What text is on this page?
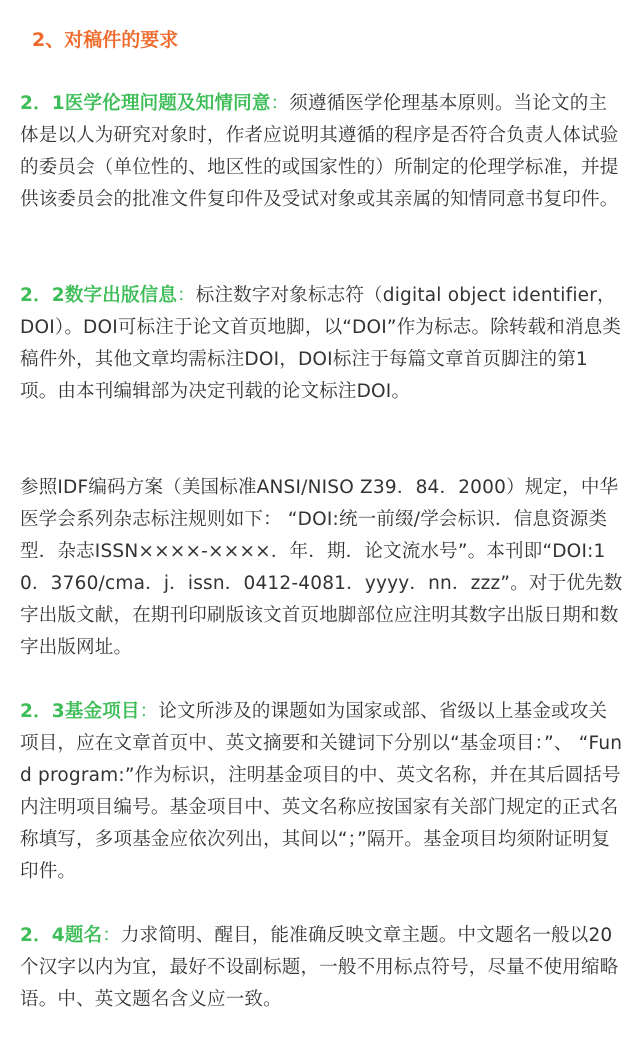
2、对稿件的要求

2．1医学伦理问题及知情同意：须遵循医学伦理基本原则。当论文的主体是以人为研究对象时，作者应说明其遵循的程序是否符合负责人体试验的委员会（单位性的、地区性的或国家性的）所制定的伦理学标准，并提供该委员会的批准文件复印件及受试对象或其亲属的知情同意书复印件。

2．2数字出版信息：标注数字对象标志符（digital object identifier，DOI）。DOI可标注于论文首页地脚，以“DOI”作为标志。除转载和消息类稿件外，其他文章均需标注DOI，DOI标注于每篇文章首页脚注的第1项。由本刊编辑部为决定刊载的论文标注DOI。

参照IDF编码方案（美国标准ANSI/NISO Z39．84．2000）规定，中华医学会系列杂志标注规则如下： “DOI:统一前缀/学会标识．信息资源类型．杂志ISSN××××-××××．年．期．论文流水号”。本刊即“DOI:10．3760/cma．j．issn．0412-4081．yyyy．nn．zzz”。对于优先数字出版文献，在期刊印刷版该文首页地脚部位应注明其数字出版日期和数字出版网址。

2．3基金项目：论文所涉及的课题如为国家或部、省级以上基金或攻关项目，应在文章首页中、英文摘要和关键词下分别以“基金项目：”、 “Fund program:”作为标识，注明基金项目的中、英文名称，并在其后圆括号内注明项目编号。基金项目中、英文名称应按国家有关部门规定的正式名称填写，多项基金应依次列出，其间以“；”隔开。基金项目均须附证明复印件。

2．4题名：力求简明、醒目，能准确反映文章主题。中文题名一般以20个汉字以内为宜，最好不设副标题，一般不用标点符号，尽量不使用缩略语。中、英文题名含义应一致。
